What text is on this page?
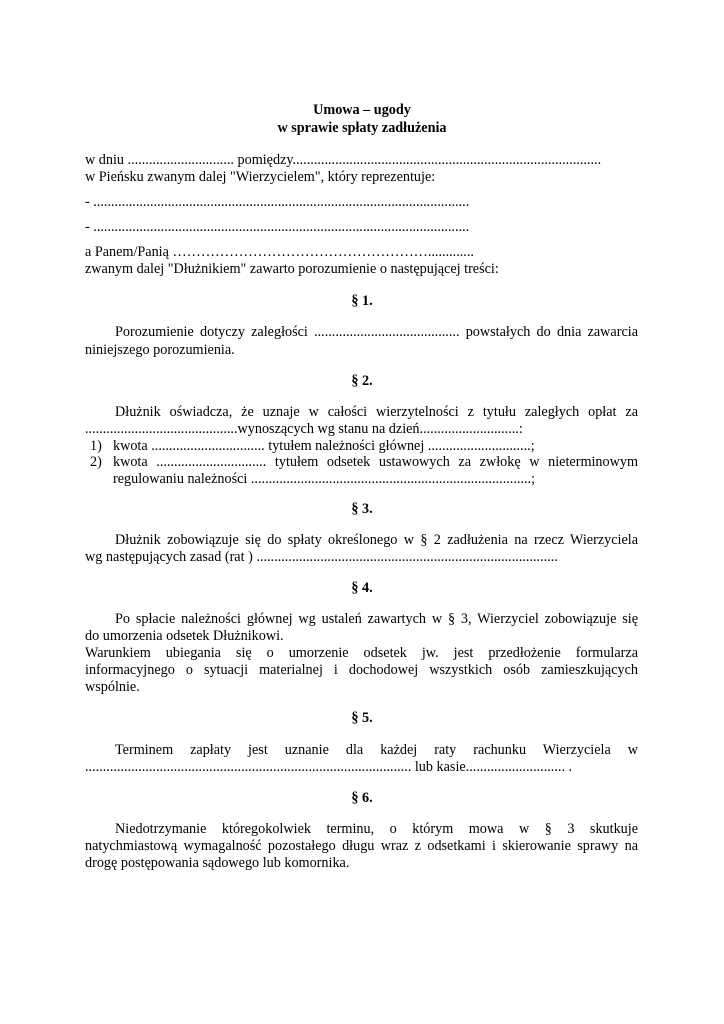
Umowa – ugody
w sprawie spłaty zadłużenia
w dniu .............................. pomiędzy.......................................................................................
w Pieńsku zwanym dalej "Wierzycielem", który reprezentuje:
- ..........................................................................................................
- ..........................................................................................................
a Panem/Panią ……………………………………………….............
zwanym dalej "Dłużnikiem" zawarto porozumienie o następującej treści:
§ 1.
Porozumienie dotyczy zaległości ......................................... powstałych do dnia zawarcia
niniejszego porozumienia.
§ 2.
Dłużnik oświadcza, że uznaje w całości wierzytelności z tytułu zaległych opłat za
...........................................wynoszących wg stanu na dzień............................:
1) kwota ................................ tytułem należności głównej .............................;
2) kwota ............................... tytułem odsetek ustawowych za zwłokę w nieterminowym
regulowaniu należności ...............................................................................;
§ 3.
Dłużnik zobowiązuje się do spłaty określonego w § 2 zadłużenia na rzecz Wierzyciela
wg następujących zasad (rat ) .....................................................................................
§ 4.
Po spłacie należności głównej wg ustaleń zawartych w § 3, Wierzyciel zobowiązuje się
do umorzenia odsetek Dłużnikowi.
Warunkiem ubiegania się o umorzenie odsetek jw. jest przedłożenie formularza
informacyjnego o sytuacji materialnej i dochodowej wszystkich osób zamieszkujących
wspólnie.
§ 5.
Terminem zapłaty jest uznanie dla każdej raty rachunku Wierzyciela w
............................................................................................ lub kasie............................ .
§ 6.
Niedotrzymanie któregokolwiek terminu, o którym mowa w § 3 skutkuje
natychmiastową wymagalność pozostałego długu wraz z odsetkami i skierowanie sprawy na
drogę postępowania sądowego lub komornika.
